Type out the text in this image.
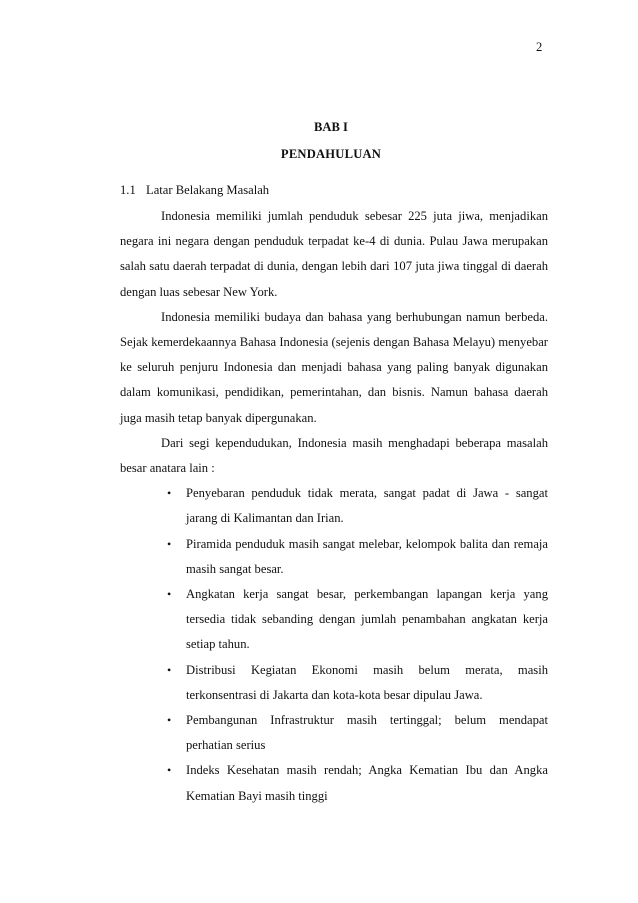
2
BAB I
PENDAHULUAN
1.1 Latar Belakang Masalah

Indonesia memiliki jumlah penduduk sebesar 225 juta jiwa, menjadikan negara ini negara dengan penduduk terpadat ke-4 di dunia. Pulau Jawa merupakan salah satu daerah terpadat di dunia, dengan lebih dari 107 juta jiwa tinggal di daerah dengan luas sebesar New York.

Indonesia memiliki budaya dan bahasa yang berhubungan namun berbeda. Sejak kemerdekaannya Bahasa Indonesia (sejenis dengan Bahasa Melayu) menyebar ke seluruh penjuru Indonesia dan menjadi bahasa yang paling banyak digunakan dalam komunikasi, pendidikan, pemerintahan, dan bisnis. Namun bahasa daerah juga masih tetap banyak dipergunakan.

Dari segi kependudukan, Indonesia masih menghadapi beberapa masalah besar anatara lain :

• Penyebaran penduduk tidak merata, sangat padat di Jawa - sangat jarang di Kalimantan dan Irian.
• Piramida penduduk masih sangat melebar, kelompok balita dan remaja masih sangat besar.
• Angkatan kerja sangat besar, perkembangan lapangan kerja yang tersedia tidak sebanding dengan jumlah penambahan angkatan kerja setiap tahun.
• Distribusi Kegiatan Ekonomi masih belum merata, masih terkonsentrasi di Jakarta dan kota-kota besar dipulau Jawa.
• Pembangunan Infrastruktur masih tertinggal; belum mendapat perhatian serius
• Indeks Kesehatan masih rendah; Angka Kematian Ibu dan Angka Kematian Bayi masih tinggi
